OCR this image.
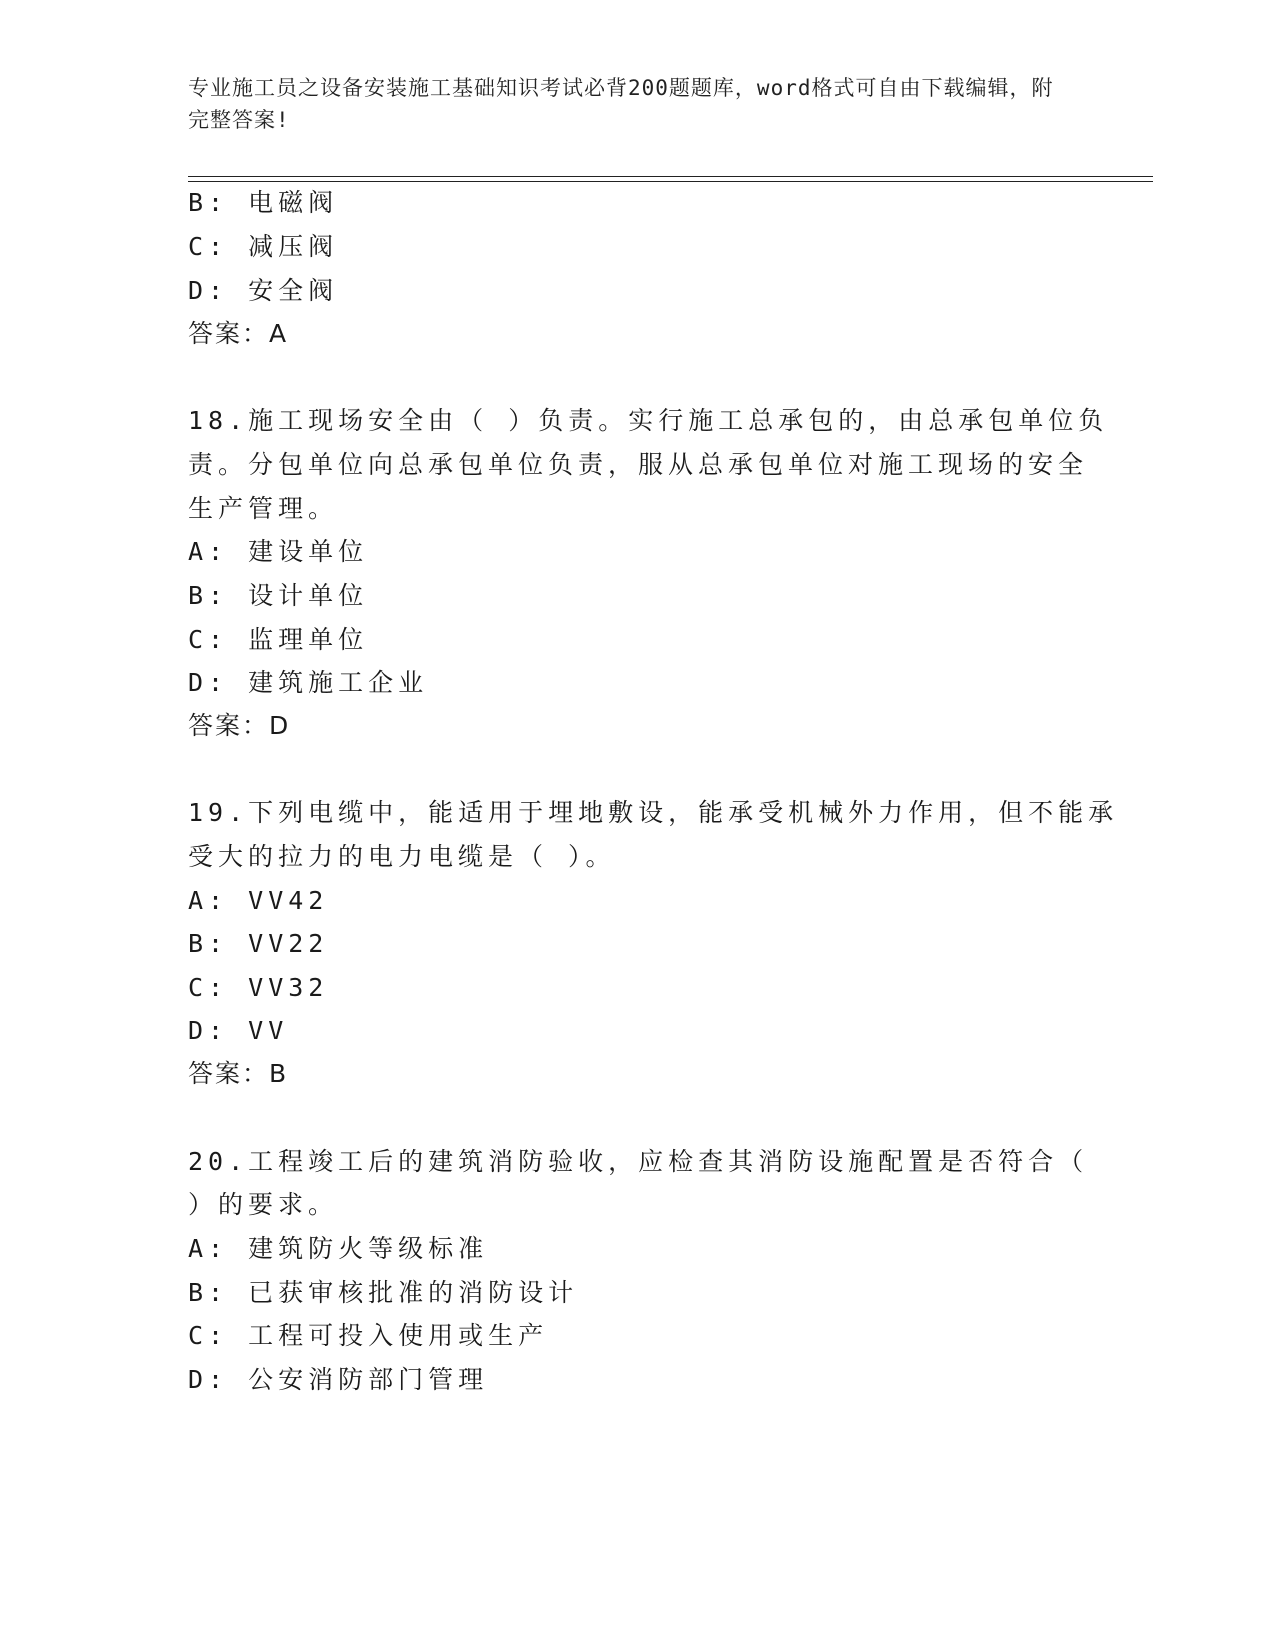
专业施工员之设备安装施工基础知识考试必背200题题库，word格式可自由下载编辑，附完整答案!
B: 电磁阀
C: 减压阀
D: 安全阀
答案：A
18.施工现场安全由（ ）负责。实行施工总承包的，由总承包单位负
责。分包单位向总承包单位负责，服从总承包单位对施工现场的安全
生产管理。
A: 建设单位
B: 设计单位
C: 监理单位
D: 建筑施工企业
答案：D
19.下列电缆中，能适用于埋地敷设，能承受机械外力作用，但不能承
受大的拉力的电力电缆是（ ）。
A: VV42
B: VV22
C: VV32
D: VV
答案：B
20.工程竣工后的建筑消防验收，应检查其消防设施配置是否符合（
）的要求。
A: 建筑防火等级标准
B: 已获审核批准的消防设计
C: 工程可投入使用或生产
D: 公安消防部门管理
